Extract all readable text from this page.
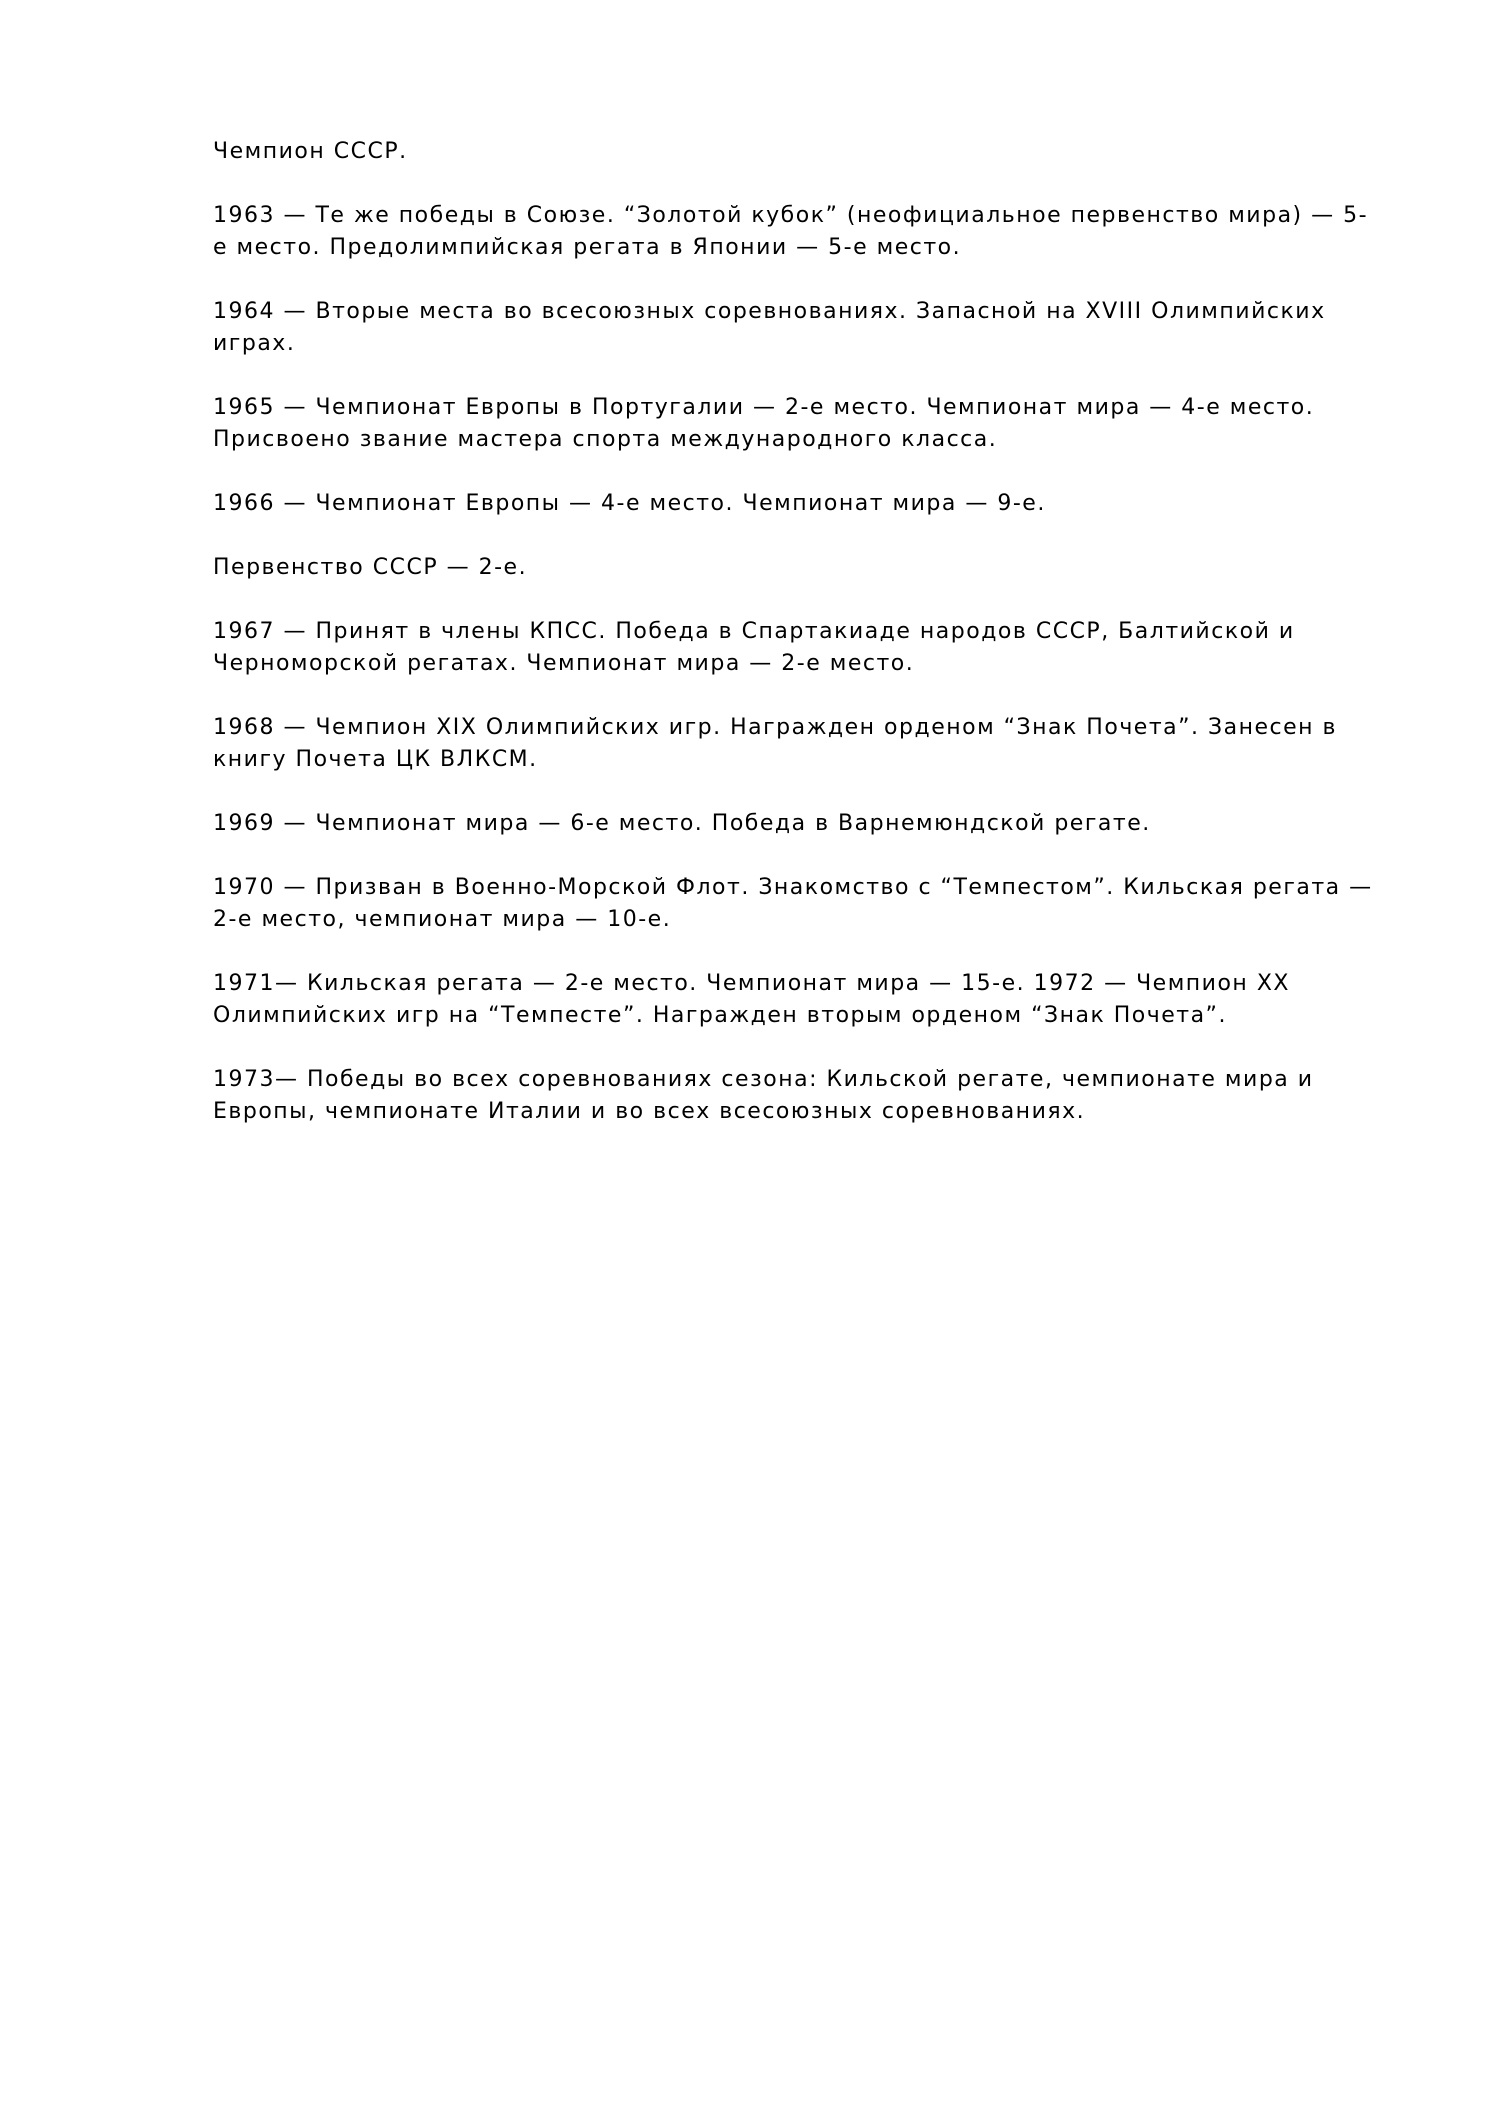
Чемпион СССР.

1963 — Те же победы в Союзе. “Золотой кубок” (неофициальное первенство мира) — 5-
е место. Предолимпийская регата в Японии — 5-е место.

1964 — Вторые места во всесоюзных соревнованиях. Запасной на XVIII Олимпийских
играх.

1965 — Чемпионат Европы в Португалии — 2-е место. Чемпионат мира — 4-е место.
Присвоено звание мастера спорта международного класса.

1966 — Чемпионат Европы — 4-е место. Чемпионат мира — 9-е.

Первенство СССР — 2-е.

1967 — Принят в члены КПСС. Победа в Спартакиаде народов СССР, Балтийской и
Черноморской регатах. Чемпионат мира — 2-е место.

1968 — Чемпион XIX Олимпийских игр. Награжден орденом “Знак Почета”. Занесен в
книгу Почета ЦК ВЛКСМ.

1969 — Чемпионат мира — 6-е место. Победа в Варнемюндской регате.

1970 — Призван в Военно-Морской Флот. Знакомство с “Темпестом”. Кильская регата —
2-е место, чемпионат мира — 10-е.

1971— Кильская регата — 2-е место. Чемпионат мира — 15-е. 1972 — Чемпион XX
Олимпийских игр на “Темпесте”. Награжден вторым орденом “Знак Почета”.

1973— Победы во всех соревнованиях сезона: Кильской регате, чемпионате мира и
Европы, чемпионате Италии и во всех всесоюзных соревнованиях.
